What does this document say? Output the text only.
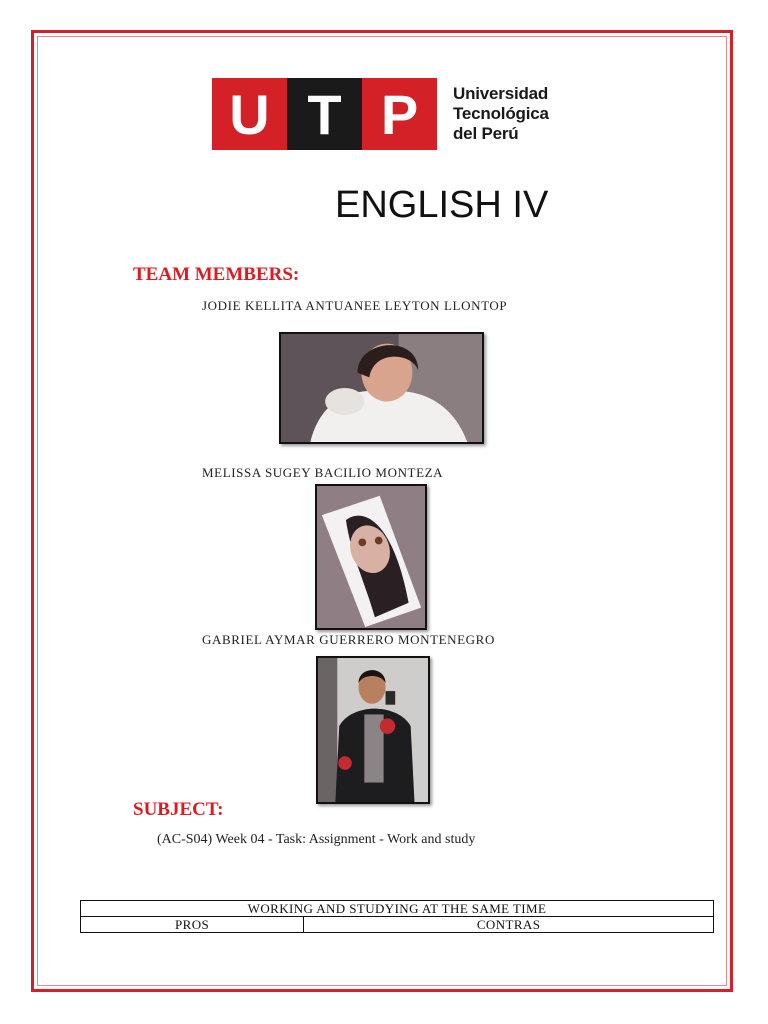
U T P	Universidad
Tecnológica
del Perú
ENGLISH IV
TEAM MEMBERS:
JODIE KELLITA ANTUANEE LEYTON LLONTOP
MELISSA SUGEY BACILIO MONTEZA
GABRIEL AYMAR GUERRERO MONTENEGRO
SUBJECT:
(AC-S04) Week 04 - Task: Assignment - Work and study
WORKING AND STUDYING AT THE SAME TIME
PROS	CONTRAS
